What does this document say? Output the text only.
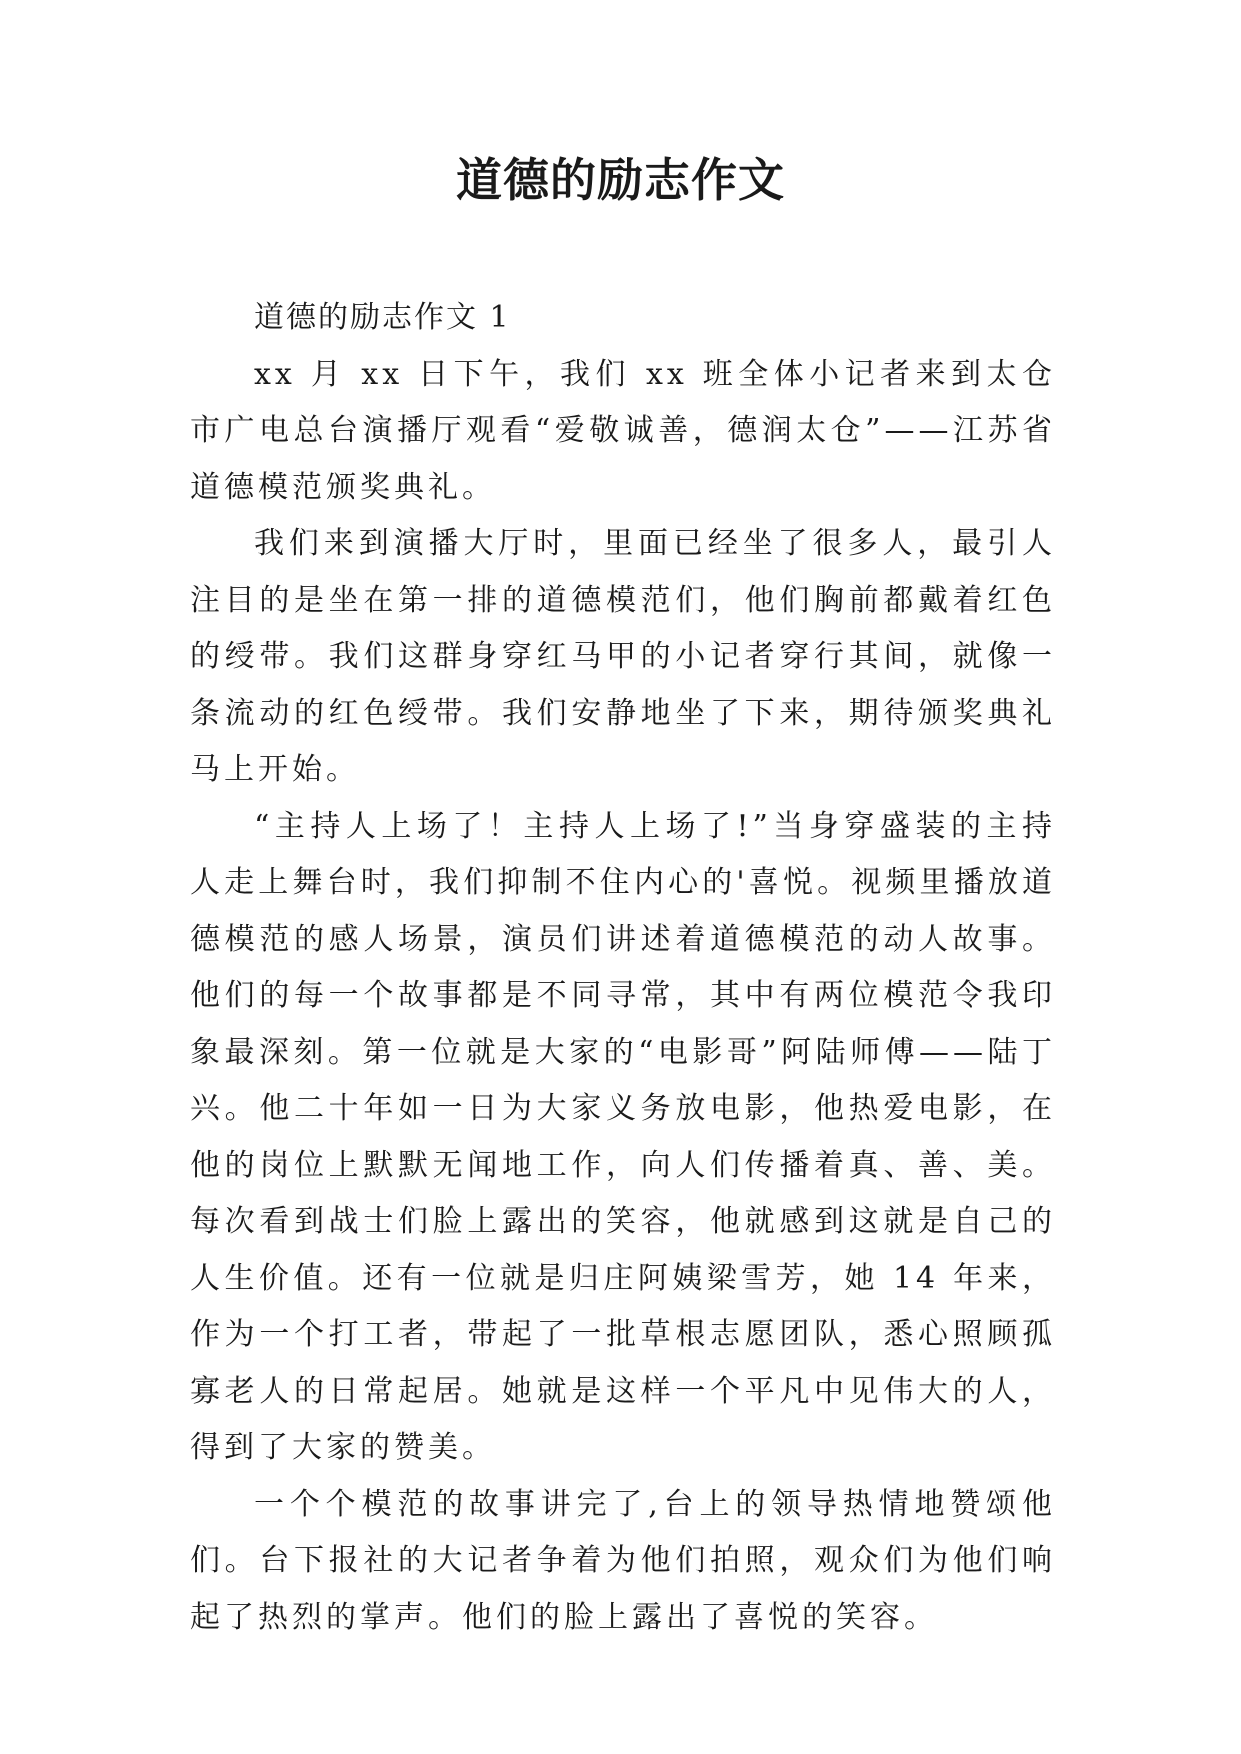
道德的励志作文

道德的励志作文 1

xx 月 xx 日下午，我们 xx 班全体小记者来到太仓市广电总台演播厅观看“爱敬诚善，德润太仓”——江苏省道德模范颁奖典礼。

我们来到演播大厅时，里面已经坐了很多人，最引人注目的是坐在第一排的道德模范们，他们胸前都戴着红色的绶带。我们这群身穿红马甲的小记者穿行其间，就像一条流动的红色绶带。我们安静地坐了下来，期待颁奖典礼马上开始。

“主持人上场了！主持人上场了!”当身穿盛装的主持人走上舞台时，我们抑制不住内心的'喜悦。视频里播放道德模范的感人场景，演员们讲述着道德模范的动人故事。他们的每一个故事都是不同寻常，其中有两位模范令我印象最深刻。第一位就是大家的“电影哥”阿陆师傅——陆丁兴。他二十年如一日为大家义务放电影，他热爱电影，在他的岗位上默默无闻地工作，向人们传播着真、善、美。每次看到战士们脸上露出的笑容，他就感到这就是自己的人生价值。还有一位就是归庄阿姨梁雪芳，她 14 年来，作为一个打工者，带起了一批草根志愿团队，悉心照顾孤寡老人的日常起居。她就是这样一个平凡中见伟大的人，得到了大家的赞美。

一个个模范的故事讲完了,台上的领导热情地赞颂他们。台下报社的大记者争着为他们拍照，观众们为他们响起了热烈的掌声。他们的脸上露出了喜悦的笑容。
